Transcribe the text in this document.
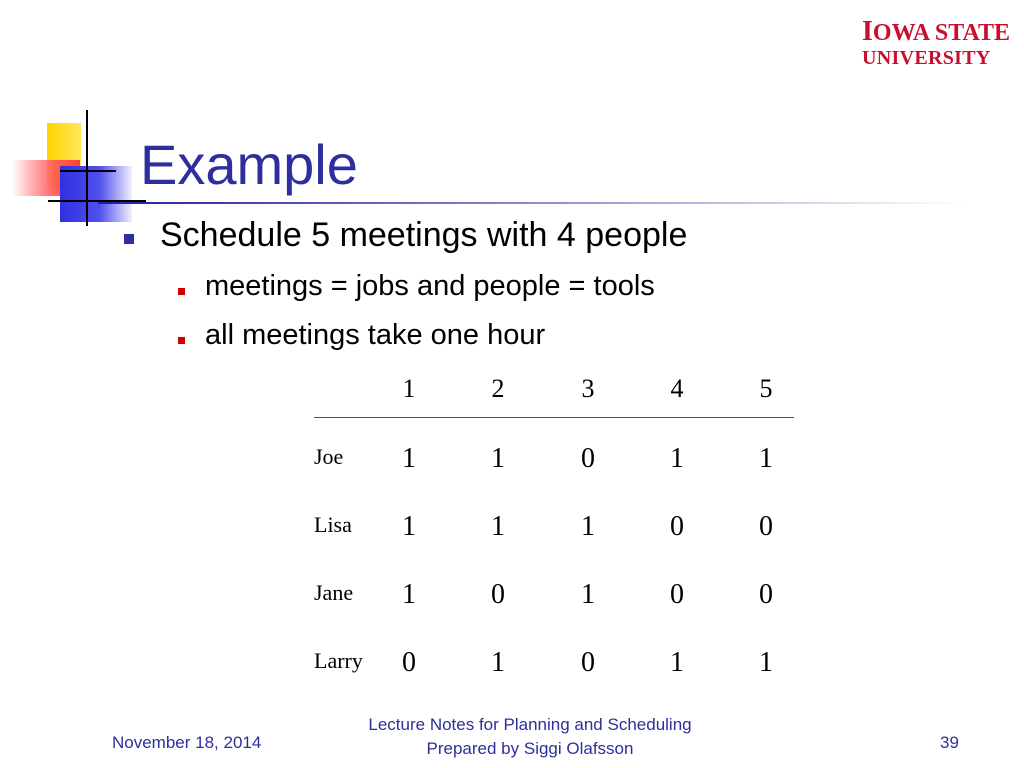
IOWA STATE
UNIVERSITY
Example
Schedule 5 meetings with 4 people
meetings = jobs and people = tools
all meetings take one hour
1	2	3	4	5
Joe 1	1	0	1	1
Lisa 1	1	1	0	0
Jane 1	0	1	0	0
Larry 0	1	0	1	1
November 18, 2014
Lecture Notes for Planning and Scheduling
Prepared by Siggi Olafsson	39
